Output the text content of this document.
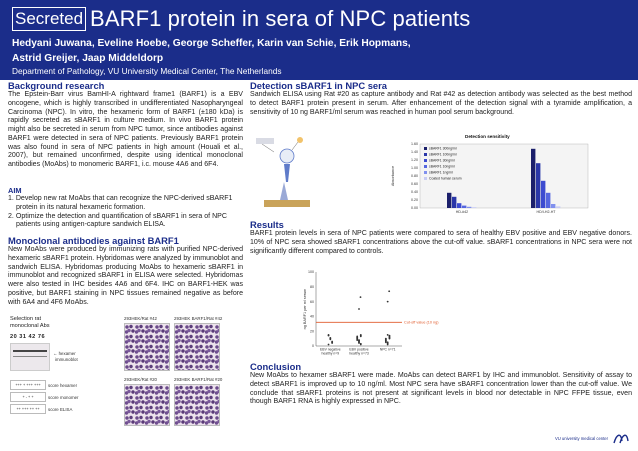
Secreted BARF1 protein in sera of NPC patients
Hedyani Juwana, Eveline Hoebe, George Scheffer, Karin van Schie, Erik Hopmans,
Astrid Greijer, Jaap Middeldorp
Department of Pathology, VU University Medical Center, The Netherlands
Background research

The Epstein-Barr virus BamHI-A rightward frame1 (BARF1) is a EBV oncogene, which is highly transcribed in undifferentiated Nasopharyngeal Carcinoma (NPC). In vitro, the hexameric form of BARF1 (±180 kDa) is rapidly secreted as sBARF1 in culture medium. In vivo BARF1 protein might also be secreted in serum from NPC tumor, since antibodies against BARF1 were detected in sera of NPC patients. Previously BARF1 protein was also found in sera of NPC patients in high amount (Houali et al., 2007), but remained unconfirmed, despite using identical monoclonal antibodies (MoAbs) to monomeric BARF1, i.c. mouse 4A6 and 6F4.

AIM
1. Develop new rat MoAbs that can recognize the NPC-derived sBARF1 protein in its natural hexameric formation.
2. Optimize the detection and quantification of sBARF1 in sera of NPC patients using antigen-capture sandwich ELISA.
Monoclonal antibodies against BARF1

New MoAbs were produced by immunizing rats with purified NPC-derived hexameric sBARF1 protein. Hybridomas were analyzed by immunoblot and sandwich ELISA. Hybridomas producing MoAbs to hexameric sBARF1 in immunoblot and recognized sBARF1 in ELISA were selected. Hybridomas were also tested in IHC besides 4A6 and 6F4. IHC on BARF1-HEK was positive, but BARF1 staining in NPC tissues remained negative as before with 6A4 and 4F6 MoAbs.

Selection rat
monoclonal Abs
20 31 42 76
← hexamer
immunoblot
+++ + +++ +++	score hexamer
+ - + +	score monomer
++ +++ ++ ++	score ELISA
293HEK/Rat #42	293HEK BARF1/Rat #42
293HEK/Rat #20	293HEK BARF1/Rat #20
Detection sBARF1 in NPC sera

Sandwich ELISA using Rat #20 as capture antibody and Rat #42 as detection antibody was selected as the best method to detect BARF1 protein present in serum. After enhancement of the detection signal with a tyramide amplification, a sensitivity of 10 ng BARF1/ml serum was reached in human pool serum background.

Detection sensitivity
0.00
0.20
0.40
0.60
0.80
1.00
1.20
1.40
1.60
Absorbance
HD-#42	HD/I-H2-HT
sBARF1 300ng/ml
sBARF1 100ng/ml
sBARF1 30ng/ml
sBARF1 10ng/ml
sBARF1 1ng/ml
Coated human serum
Results

BARF1 protein levels in sera of NPC patients were compared to sera of healthy EBV positive and EBV negative donors. 10% of NPC sera showed sBARF1 concentrations above the cut-off value. sBARF1 concentrations in NPC sera were not significantly different compared to controls.

0
20
40
60
80
100
ng BARF1 per ml serum	Cut-off value (10 ng)
EBV negative
healthy n=9
EBV positive
healthy n=73
NPC n=71
Conclusion

New MoAbs to hexamer sBARF1 were made. MoAbs can detect BARF1 by IHC and immunoblot. Sensitivity of assay to detect sBARF1 is improved up to 10 ng/ml. Most NPC sera have sBARF1 concentration lower than the cut-off value. We conclude that sBARF1 proteins is not present at significant levels in blood nor detectable in NPC FFPE tissue, even though BARF1 RNA is highly expressed in NPC.

VU university medical center
